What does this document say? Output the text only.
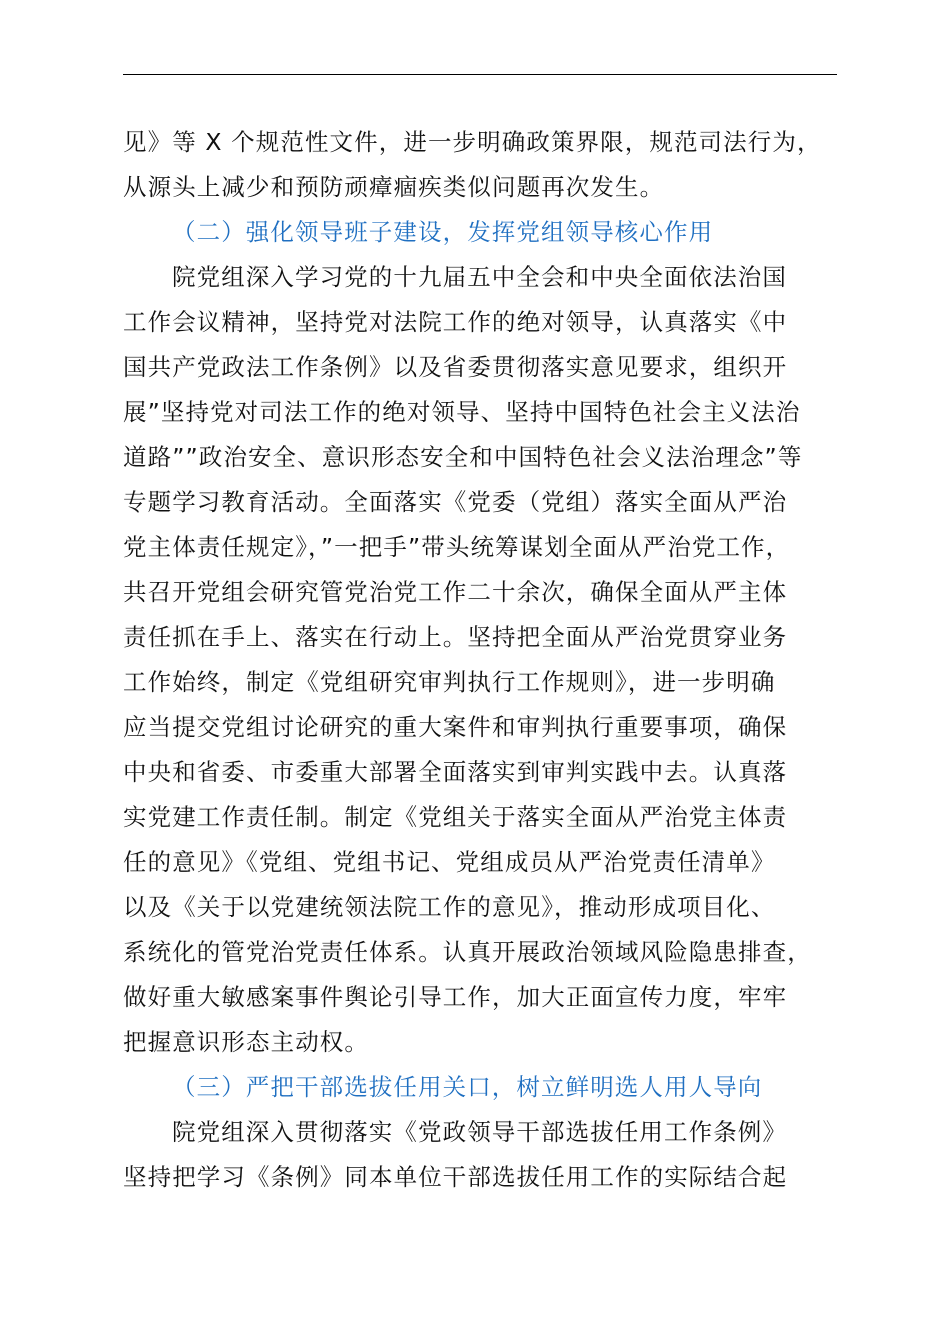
见》等 X 个规范性文件，进一步明确政策界限，规范司法行为，
从源头上减少和预防顽瘴痼疾类似问题再次发生。
（二）强化领导班子建设，发挥党组领导核心作用
院党组深入学习党的十九届五中全会和中央全面依法治国
工作会议精神，坚持党对法院工作的绝对领导，认真落实《中
国共产党政法工作条例》以及省委贯彻落实意见要求，组织开
展”坚持党对司法工作的绝对领导、坚持中国特色社会主义法治
道路””政治安全、意识形态安全和中国特色社会义法治理念”等
专题学习教育活动。全面落实《党委（党组）落实全面从严治
党主体责任规定》，”一把手”带头统筹谋划全面从严治党工作，
共召开党组会研究管党治党工作二十余次，确保全面从严主体
责任抓在手上、落实在行动上。坚持把全面从严治党贯穿业务
工作始终，制定《党组研究审判执行工作规则》，进一步明确
应当提交党组讨论研究的重大案件和审判执行重要事项，确保
中央和省委、市委重大部署全面落实到审判实践中去。认真落
实党建工作责任制。制定《党组关于落实全面从严治党主体责
任的意见》《党组、党组书记、党组成员从严治党责任清单》
以及《关于以党建统领法院工作的意见》，推动形成项目化、
系统化的管党治党责任体系。认真开展政治领域风险隐患排查，
做好重大敏感案事件舆论引导工作，加大正面宣传力度，牢牢
把握意识形态主动权。
（三）严把干部选拔任用关口，树立鲜明选人用人导向
院党组深入贯彻落实《党政领导干部选拔任用工作条例》
坚持把学习《条例》同本单位干部选拔任用工作的实际结合起
